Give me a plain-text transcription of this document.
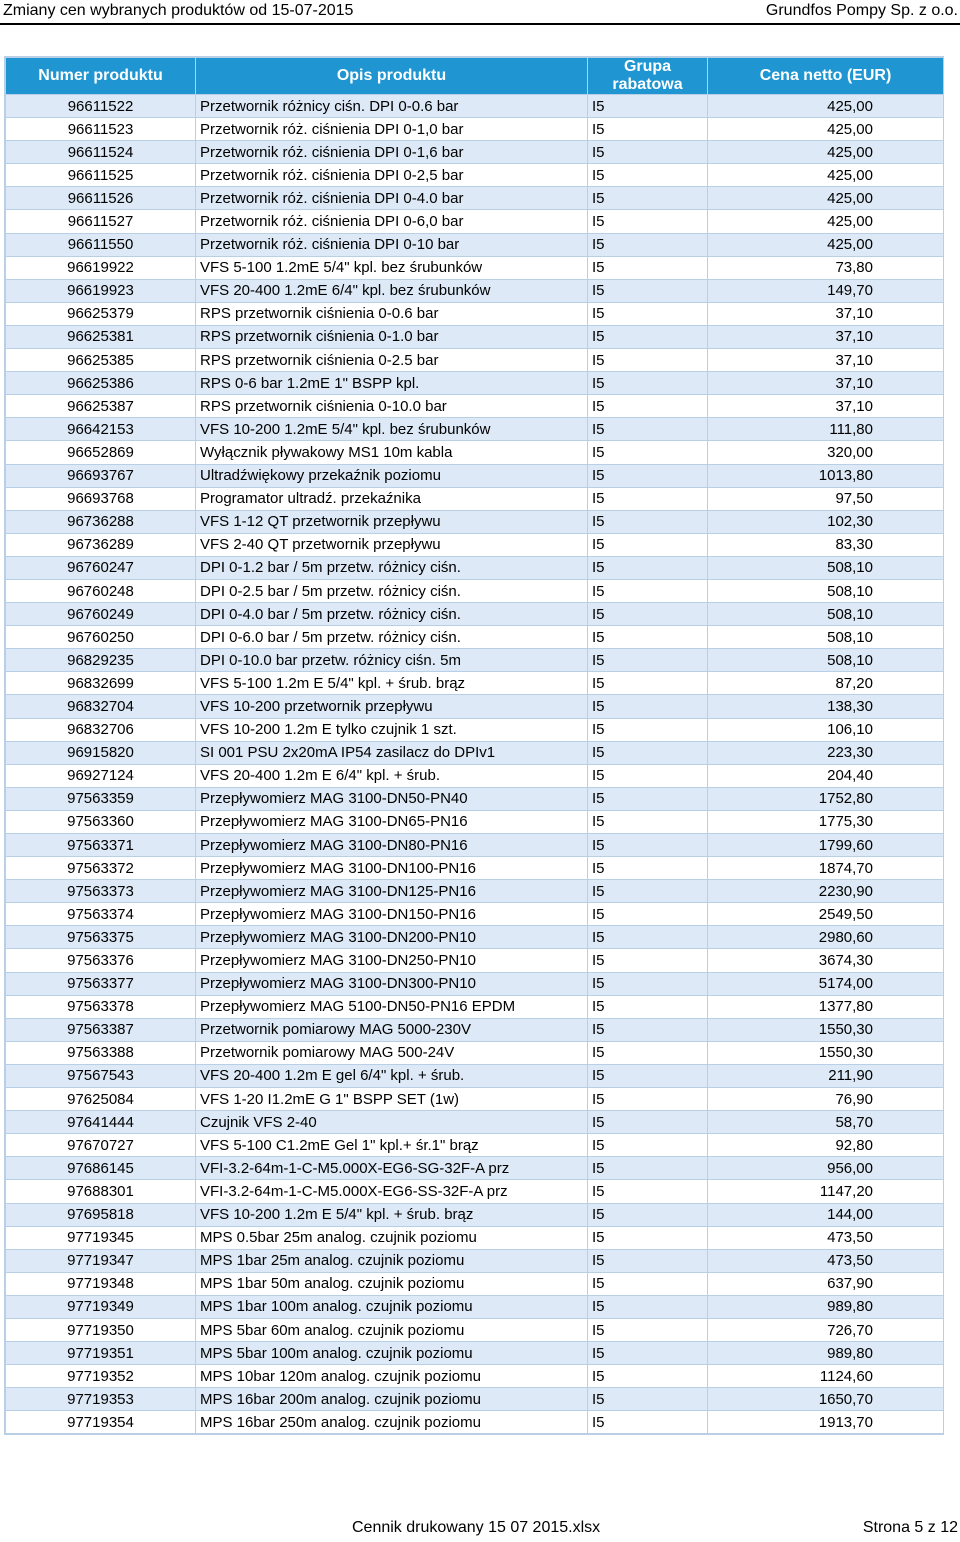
Zmiany cen wybranych produktów od 15-07-2015	Grundfos Pompy Sp. z o.o.
Numer produktu	Opis produktu	Grupa rabatowa	Cena netto (EUR)
96611522	Przetwornik różnicy ciśn. DPI 0-0.6 bar	I5	425,00
96611523	Przetwornik róż. ciśnienia DPI 0-1,0 bar	I5	425,00
96611524	Przetwornik róż. ciśnienia DPI 0-1,6 bar	I5	425,00
96611525	Przetwornik róż. ciśnienia DPI 0-2,5 bar	I5	425,00
96611526	Przetwornik róż. ciśnienia DPI 0-4.0 bar	I5	425,00
96611527	Przetwornik róż. ciśnienia DPI 0-6,0 bar	I5	425,00
96611550	Przetwornik róż. ciśnienia DPI 0-10 bar	I5	425,00
96619922	VFS 5-100 1.2mE 5/4" kpl. bez śrubunków	I5	73,80
96619923	VFS 20-400 1.2mE 6/4" kpl. bez śrubunków	I5	149,70
96625379	RPS przetwornik ciśnienia 0-0.6 bar	I5	37,10
96625381	RPS przetwornik ciśnienia 0-1.0 bar	I5	37,10
96625385	RPS przetwornik ciśnienia 0-2.5 bar	I5	37,10
96625386	RPS 0-6 bar 1.2mE 1" BSPP kpl.	I5	37,10
96625387	RPS przetwornik ciśnienia 0-10.0 bar	I5	37,10
96642153	VFS 10-200 1.2mE 5/4" kpl. bez śrubunków	I5	111,80
96652869	Wyłącznik pływakowy MS1 10m kabla	I5	320,00
96693767	Ultradźwiękowy przekaźnik poziomu	I5	1013,80
96693768	Programator ultradź. przekaźnika	I5	97,50
96736288	VFS 1-12 QT przetwornik przepływu	I5	102,30
96736289	VFS 2-40 QT przetwornik przepływu	I5	83,30
96760247	DPI 0-1.2 bar / 5m przetw. różnicy ciśn.	I5	508,10
96760248	DPI 0-2.5 bar / 5m przetw. różnicy ciśn.	I5	508,10
96760249	DPI 0-4.0 bar / 5m przetw. różnicy ciśn.	I5	508,10
96760250	DPI 0-6.0 bar / 5m przetw. różnicy ciśn.	I5	508,10
96829235	DPI 0-10.0 bar przetw. różnicy ciśn. 5m	I5	508,10
96832699	VFS 5-100 1.2m E 5/4" kpl. + śrub. brąz	I5	87,20
96832704	VFS 10-200 przetwornik przepływu	I5	138,30
96832706	VFS 10-200 1.2m E tylko czujnik 1 szt.	I5	106,10
96915820	SI 001 PSU 2x20mA IP54 zasilacz do DPIv1	I5	223,30
96927124	VFS 20-400 1.2m E 6/4" kpl. + śrub.	I5	204,40
97563359	Przepływomierz MAG 3100-DN50-PN40	I5	1752,80
97563360	Przepływomierz MAG 3100-DN65-PN16	I5	1775,30
97563371	Przepływomierz MAG 3100-DN80-PN16	I5	1799,60
97563372	Przepływomierz MAG 3100-DN100-PN16	I5	1874,70
97563373	Przepływomierz MAG 3100-DN125-PN16	I5	2230,90
97563374	Przepływomierz MAG 3100-DN150-PN16	I5	2549,50
97563375	Przepływomierz MAG 3100-DN200-PN10	I5	2980,60
97563376	Przepływomierz MAG 3100-DN250-PN10	I5	3674,30
97563377	Przepływomierz MAG 3100-DN300-PN10	I5	5174,00
97563378	Przepływomierz MAG 5100-DN50-PN16 EPDM	I5	1377,80
97563387	Przetwornik pomiarowy MAG 5000-230V	I5	1550,30
97563388	Przetwornik pomiarowy MAG 500-24V	I5	1550,30
97567543	VFS 20-400 1.2m E gel 6/4" kpl. + śrub.	I5	211,90
97625084	VFS 1-20 I1.2mE G 1" BSPP SET (1w)	I5	76,90
97641444	Czujnik VFS 2-40	I5	58,70
97670727	VFS 5-100 C1.2mE Gel 1" kpl.+ śr.1" brąz	I5	92,80
97686145	VFI-3.2-64m-1-C-M5.000X-EG6-SG-32F-A prz	I5	956,00
97688301	VFI-3.2-64m-1-C-M5.000X-EG6-SS-32F-A prz	I5	1147,20
97695818	VFS 10-200 1.2m E 5/4" kpl. + śrub. brąz	I5	144,00
97719345	MPS 0.5bar 25m analog. czujnik poziomu	I5	473,50
97719347	MPS 1bar 25m analog. czujnik poziomu	I5	473,50
97719348	MPS 1bar 50m analog. czujnik poziomu	I5	637,90
97719349	MPS 1bar 100m analog. czujnik poziomu	I5	989,80
97719350	MPS 5bar 60m analog. czujnik poziomu	I5	726,70
97719351	MPS 5bar 100m analog. czujnik poziomu	I5	989,80
97719352	MPS 10bar 120m analog. czujnik poziomu	I5	1124,60
97719353	MPS 16bar 200m analog. czujnik poziomu	I5	1650,70
97719354	MPS 16bar 250m analog. czujnik poziomu	I5	1913,70
Cennik drukowany 15 07 2015.xlsx	Strona 5 z 12
